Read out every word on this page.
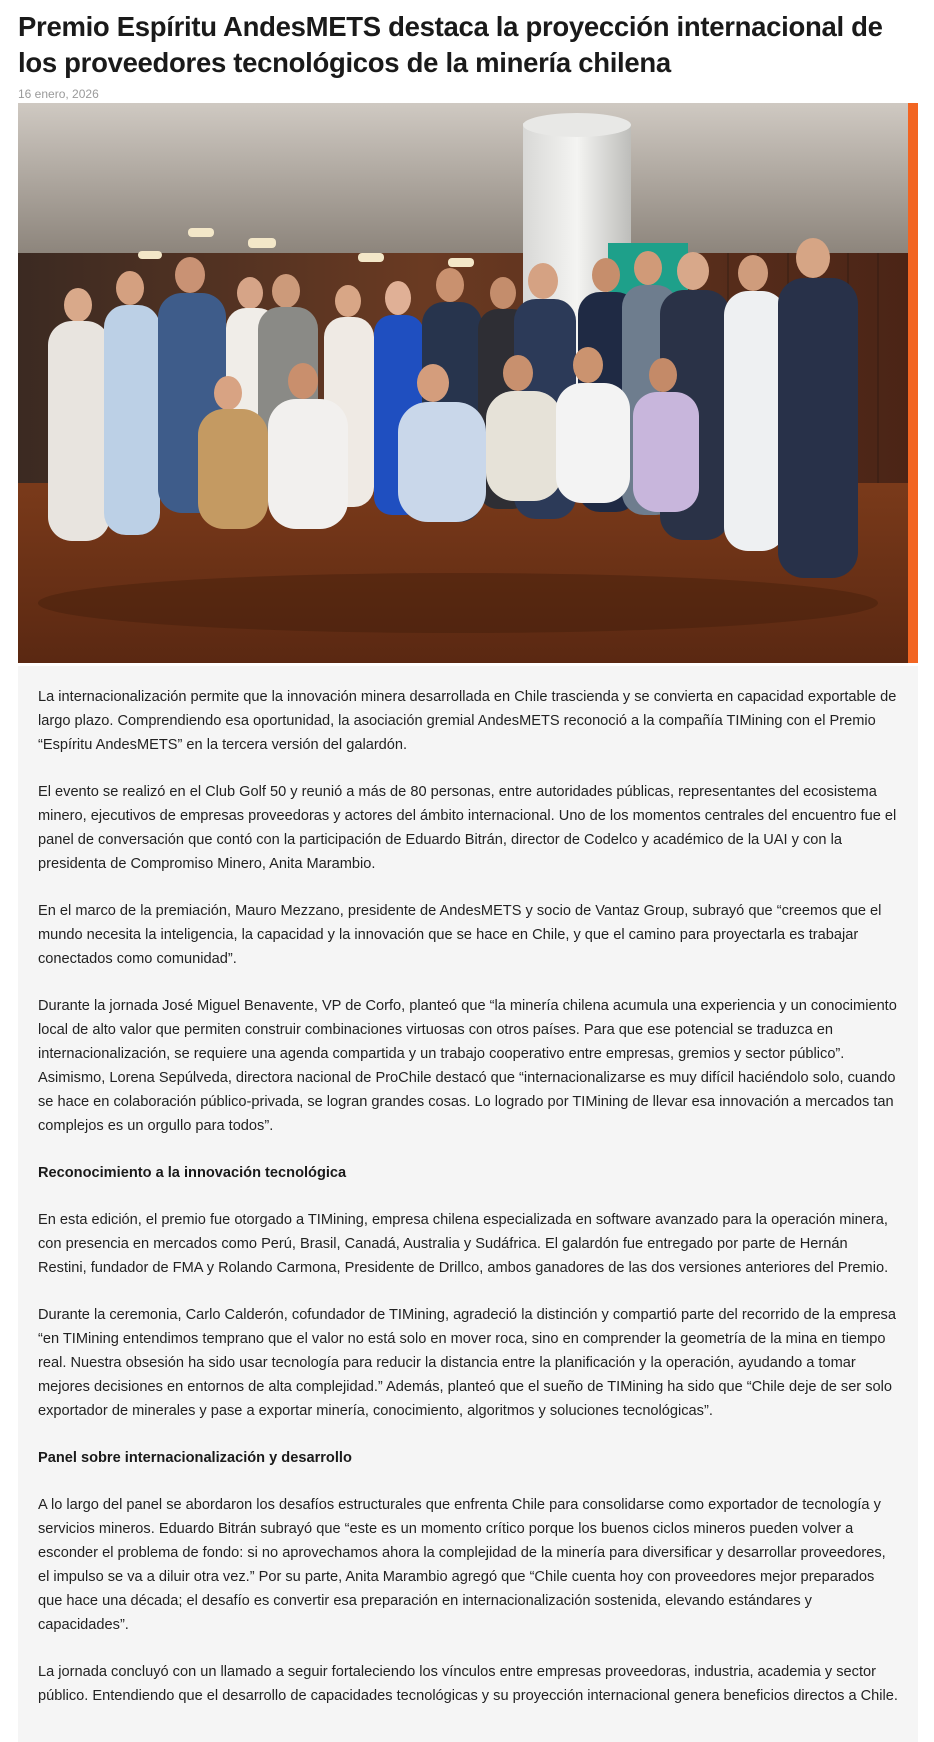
Premio Espíritu AndesMETS destaca la proyección internacional de los proveedores tecnológicos de la minería chilena
16 enero, 2026

La internacionalización permite que la innovación minera desarrollada en Chile trascienda y se convierta en capacidad exportable de largo plazo. Comprendiendo esa oportunidad, la asociación gremial AndesMETS reconoció a la compañía TIMining con el Premio “Espíritu AndesMETS” en la tercera versión del galardón.

El evento se realizó en el Club Golf 50 y reunió a más de 80 personas, entre autoridades públicas, representantes del ecosistema minero, ejecutivos de empresas proveedoras y actores del ámbito internacional. Uno de los momentos centrales del encuentro fue el panel de conversación que contó con la participación de Eduardo Bitrán, director de Codelco y académico de la UAI y con la presidenta de Compromiso Minero, Anita Marambio.

En el marco de la premiación, Mauro Mezzano, presidente de AndesMETS y socio de Vantaz Group, subrayó que “creemos que el mundo necesita la inteligencia, la capacidad y la innovación que se hace en Chile, y que el camino para proyectarla es trabajar conectados como comunidad”.

Durante la jornada José Miguel Benavente, VP de Corfo, planteó que “la minería chilena acumula una experiencia y un conocimiento local de alto valor que permiten construir combinaciones virtuosas con otros países. Para que ese potencial se traduzca en internacionalización, se requiere una agenda compartida y un trabajo cooperativo entre empresas, gremios y sector público”. Asimismo, Lorena Sepúlveda, directora nacional de ProChile destacó que “internacionalizarse es muy difícil haciéndolo solo, cuando se hace en colaboración público-privada, se logran grandes cosas. Lo logrado por TIMining de llevar esa innovación a mercados tan complejos es un orgullo para todos”.

Reconocimiento a la innovación tecnológica

En esta edición, el premio fue otorgado a TIMining, empresa chilena especializada en software avanzado para la operación minera, con presencia en mercados como Perú, Brasil, Canadá, Australia y Sudáfrica. El galardón fue entregado por parte de Hernán Restini, fundador de FMA y Rolando Carmona, Presidente de Drillco, ambos ganadores de las dos versiones anteriores del Premio.

Durante la ceremonia, Carlo Calderón, cofundador de TIMining, agradeció la distinción y compartió parte del recorrido de la empresa “en TIMining entendimos temprano que el valor no está solo en mover roca, sino en comprender la geometría de la mina en tiempo real. Nuestra obsesión ha sido usar tecnología para reducir la distancia entre la planificación y la operación, ayudando a tomar mejores decisiones en entornos de alta complejidad.” Además, planteó que el sueño de TIMining ha sido que “Chile deje de ser solo exportador de minerales y pase a exportar minería, conocimiento, algoritmos y soluciones tecnológicas”.

Panel sobre internacionalización y desarrollo

A lo largo del panel se abordaron los desafíos estructurales que enfrenta Chile para consolidarse como exportador de tecnología y servicios mineros. Eduardo Bitrán subrayó que “este es un momento crítico porque los buenos ciclos mineros pueden volver a esconder el problema de fondo: si no aprovechamos ahora la complejidad de la minería para diversificar y desarrollar proveedores, el impulso se va a diluir otra vez.” Por su parte, Anita Marambio agregó que “Chile cuenta hoy con proveedores mejor preparados que hace una década; el desafío es convertir esa preparación en internacionalización sostenida, elevando estándares y capacidades”.

La jornada concluyó con un llamado a seguir fortaleciendo los vínculos entre empresas proveedoras, industria, academia y sector público. Entendiendo que el desarrollo de capacidades tecnológicas y su proyección internacional genera beneficios directos a Chile.
